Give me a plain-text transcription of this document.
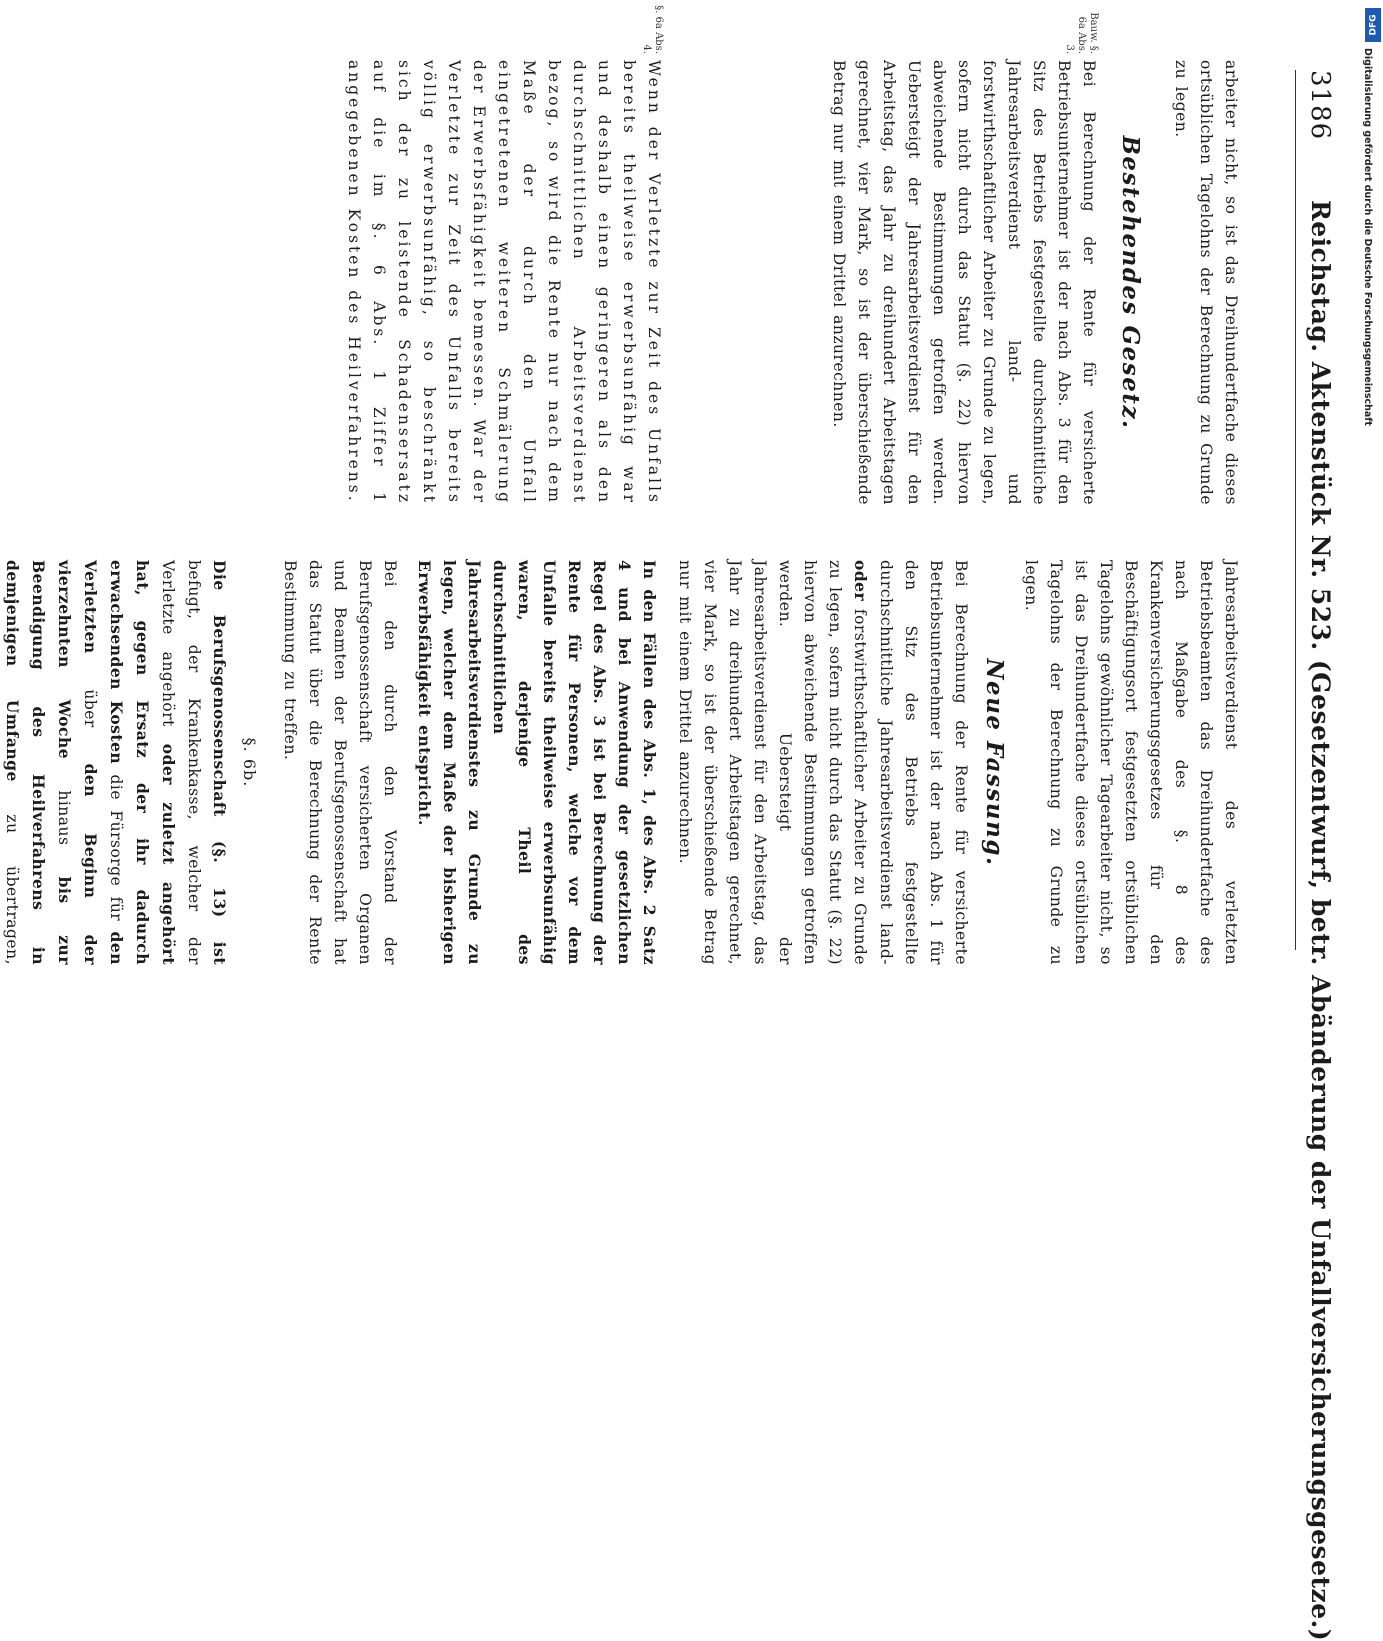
3186
Reichstag. Aktenstück Nr. 523. (Gesetzentwurf, betr. Abänderung der Unfallversicherungsgesetze.)

arbeiter nicht, so ist das Dreihundertfache dieses ortsüblichen Tagelohns der Berechnung zu Grunde zu legen.

Bestehendes Gesetz.
Bauw. §. 6a Abs. 3.

Bei Berechnung der Rente für versicherte Betriebsunternehmer ist der nach Abs. 3 für den Sitz des Betriebs festgestellte durchschnittliche Jahresarbeitsverdienst land- und forstwirthschaftlicher Arbeiter zu Grunde zu legen, sofern nicht durch das Statut (§. 22) hiervon abweichende Bestimmungen getroffen werden. Uebersteigt der Jahresarbeitsverdienst für den Arbeitstag, das Jahr zu dreihundert Arbeitstagen gerechnet, vier Mark, so ist der überschießende Betrag nur mit einem Drittel anzurechnen.

§. 6a Abs. 4.

Wenn der Verletzte zur Zeit des Unfalls bereits theilweise erwerbsunfähig war und deshalb einen geringeren als den durchschnittlichen Arbeitsverdienst bezog, so wird die Rente nur nach dem Maße der durch den Unfall eingetretenen weiteren Schmälerung der Erwerbsfähigkeit bemessen. War der Verletzte zur Zeit des Unfalls bereits völlig erwerbsunfähig, so beschränkt sich der zu leistende Schadensersatz auf die im §. 6 Abs. 1 Ziffer 1 angegebenen Kosten des Heilverfahrens.

Jahresarbeitsverdienst des verletzten Betriebsbeamten das Dreihundertfache des nach Maßgabe des §. 8 des Krankenversicherungsgesetzes für den Beschäftigungsort festgesetzten ortsüblichen Tagelohns gewöhnlicher Tagearbeiter nicht, so ist das Dreihundertfache dieses ortsüblichen Tagelohns der Berechnung zu Grunde zu legen.

Neue Fassung.

Bei Berechnung der Rente für versicherte Betriebsunternehmer ist der nach Abs. 1 für den Sitz des Betriebs festgestellte durchschnittliche Jahresarbeitsverdienst land- oder forstwirthschaftlicher Arbeiter zu Grunde zu legen, sofern nicht durch das Statut (§. 22) hiervon abweichende Bestimmungen getroffen werden. Uebersteigt der Jahresarbeitsverdienst für den Arbeitstag, das Jahr zu dreihundert Arbeitstagen gerechnet, vier Mark, so ist der überschießende Betrag nur mit einem Drittel anzurechnen.

In den Fällen des Abs. 1, des Abs. 2 Satz 4 und bei Anwendung der gesetzlichen Regel des Abs. 3 ist bei Berechnung der Rente für Personen, welche vor dem Unfalle bereits theilweise erwerbsunfähig waren, derjenige Theil des durchschnittlichen Jahresarbeitsverdienstes zu Grunde zu legen, welcher dem Maße der bisherigen Erwerbsfähigkeit entspricht.

Bei den durch den Vorstand der Berufsgenossenschaft versicherten Organen und Beamten der Berufsgenossenschaft hat das Statut über die Berechnung der Rente Bestimmung zu treffen.

§. 6b.

Die Berufsgenossenschaft (§. 13) ist befugt, der Krankenkasse, welcher der Verletzte angehört oder zuletzt angehört hat, gegen Ersatz der ihr dadurch erwachsenden Kosten die Fürsorge für den Verletzten über den Beginn der vierzehnten Woche hinaus bis zur Beendigung des Heilverfahrens in demjenigen Umfange zu übertragen,

DFG
Digitalisierung gefördert durch die Deutsche Forschungsgemeinschaft
